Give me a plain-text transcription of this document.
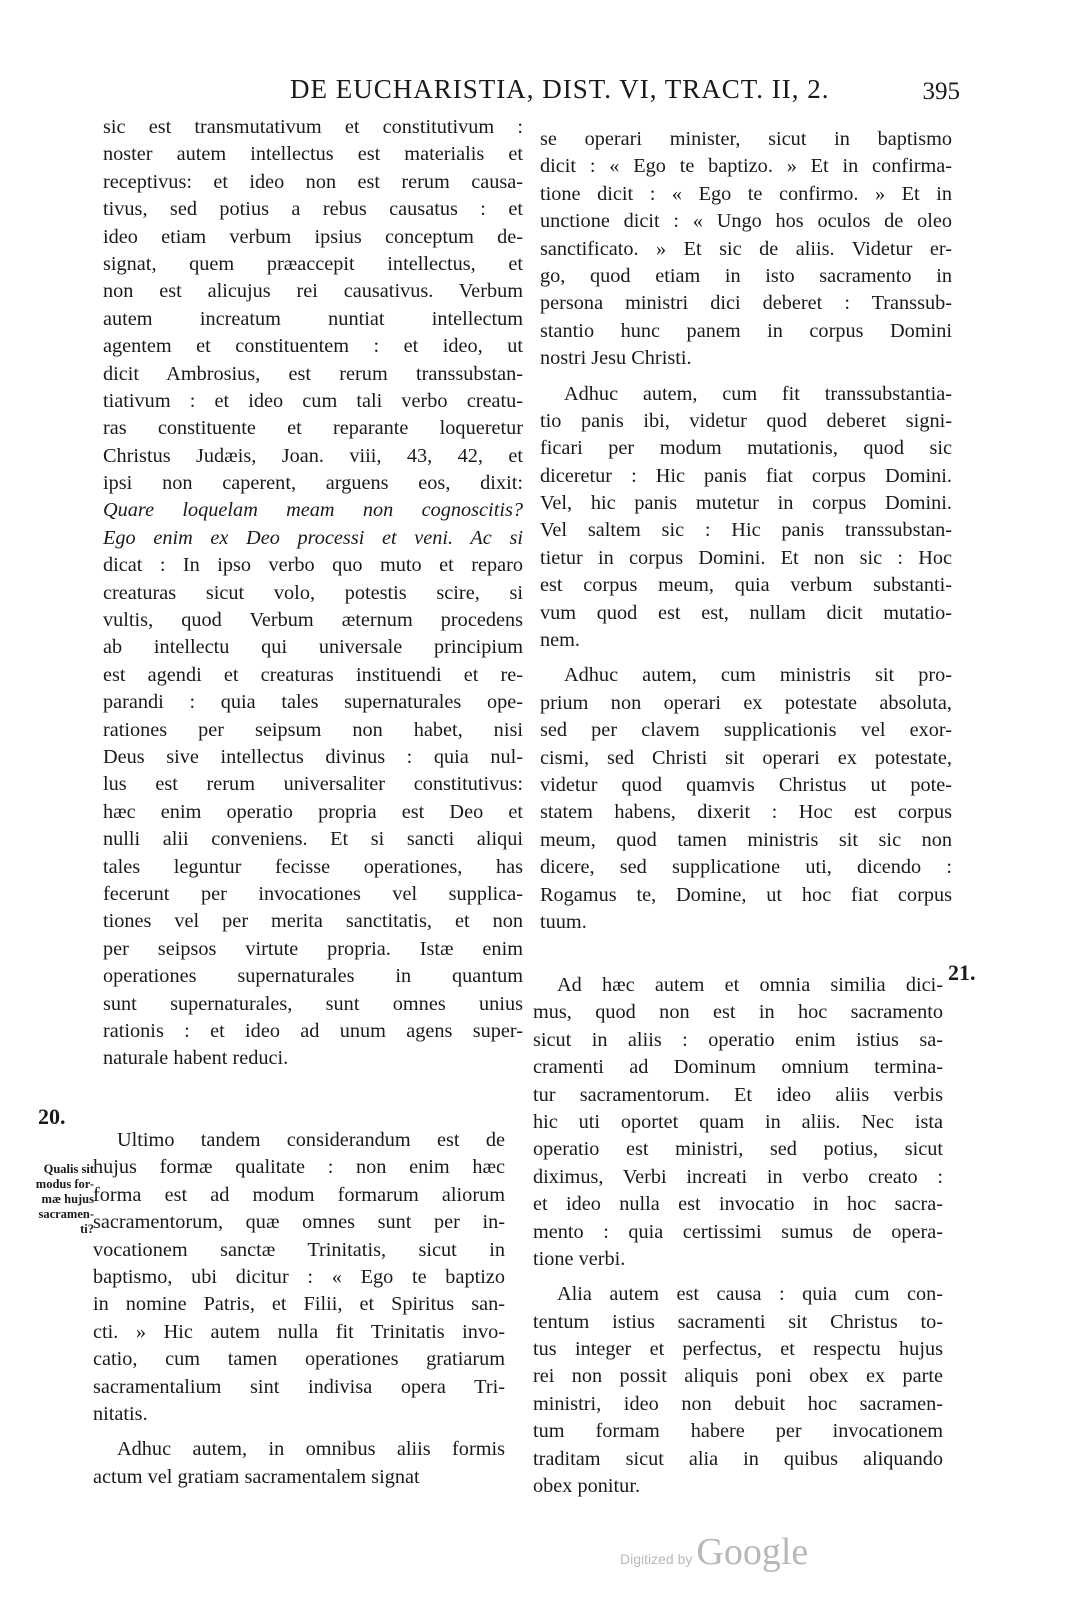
DE EUCHARISTIA, DIST. VI, TRACT. II, 2.	395
sic est transmutativum et constitutivum :
noster autem intellectus est materialis et
receptivus: et ideo non est rerum causa-
tivus, sed potius a rebus causatus : et
ideo etiam verbum ipsius conceptum de-
signat, quem præaccepit intellectus, et
non est alicujus rei causativus. Verbum
autem increatum nuntiat intellectum
agentem et constituentem : et ideo, ut
dicit Ambrosius, est rerum transsubstan-
tiativum : et ideo cum tali verbo creatu-
ras constituente et reparante loqueretur
Christus Judæis, Joan. viii, 43, 42, et
ipsi non caperent, arguens eos, dixit:
Quare loquelam meam non cognoscitis?
Ego enim ex Deo processi et veni. Ac si
dicat : In ipso verbo quo muto et reparo
creaturas sicut volo, potestis scire, si
vultis, quod Verbum æternum procedens
ab intellectu qui universale principium
est agendi et creaturas instituendi et re-
parandi : quia tales supernaturales ope-
rationes per seipsum non habet, nisi
Deus sive intellectus divinus : quia nul-
lus est rerum universaliter constitutivus:
hæc enim operatio propria est Deo et
nulli alii conveniens. Et si sancti aliqui
tales leguntur fecisse operationes, has
fecerunt per invocationes vel supplica-
tiones vel per merita sanctitatis, et non
per seipsos virtute propria. Istæ enim
operationes supernaturales in quantum
sunt supernaturales, sunt omnes unius
rationis : et ideo ad unum agens super-
naturale habent reduci.
20.
Qualis sit
modus for-
mæ hujus
sacramen-
ti?
Ultimo tandem considerandum est de
hujus formæ qualitate : non enim hæc
forma est ad modum formarum aliorum
sacramentorum, quæ omnes sunt per in-
vocationem sanctæ Trinitatis, sicut in
baptismo, ubi dicitur : « Ego te baptizo
in nomine Patris, et Filii, et Spiritus san-
cti. » Hic autem nulla fit Trinitatis invo-
catio, cum tamen operationes gratiarum
sacramentalium sint indivisa opera Tri-
nitatis.
Adhuc autem, in omnibus aliis formis
actum vel gratiam sacramentalem signat
se operari minister, sicut in baptismo
dicit : « Ego te baptizo. » Et in confirma-
tione dicit : « Ego te confirmo. » Et in
unctione dicit : « Ungo hos oculos de oleo
sanctificato. » Et sic de aliis. Videtur er-
go, quod etiam in isto sacramento in
persona ministri dici deberet : Transsub-
stantio hunc panem in corpus Domini
nostri Jesu Christi.
Adhuc autem, cum fit transsubstantia-
tio panis ibi, videtur quod deberet signi-
ficari per modum mutationis, quod sic
diceretur : Hic panis fiat corpus Domini.
Vel, hic panis mutetur in corpus Domini.
Vel saltem sic : Hic panis transsubstan-
tietur in corpus Domini. Et non sic : Hoc
est corpus meum, quia verbum substanti-
vum quod est est, nullam dicit mutatio-
nem.
Adhuc autem, cum ministris sit pro-
prium non operari ex potestate absoluta,
sed per clavem supplicationis vel exor-
cismi, sed Christi sit operari ex potestate,
videtur quod quamvis Christus ut pote-
statem habens, dixerit : Hoc est corpus
meum, quod tamen ministris sit sic non
dicere, sed supplicatione uti, dicendo :
Rogamus te, Domine, ut hoc fiat corpus
tuum.
21.
Ad hæc autem et omnia similia dici-
mus, quod non est in hoc sacramento
sicut in aliis : operatio enim istius sa-
cramenti ad Dominum omnium termina-
tur sacramentorum. Et ideo aliis verbis
hic uti oportet quam in aliis. Nec ista
operatio est ministri, sed potius, sicut
diximus, Verbi increati in verbo creato :
et ideo nulla est invocatio in hoc sacra-
mento : quia certissimi sumus de opera-
tione verbi.
Alia autem est causa : quia cum con-
tentum istius sacramenti sit Christus to-
tus integer et perfectus, et respectu hujus
rei non possit aliquis poni obex ex parte
ministri, ideo non debuit hoc sacramen-
tum formam habere per invocationem
traditam sicut alia in quibus aliquando
obex ponitur.
Digitized by Google
